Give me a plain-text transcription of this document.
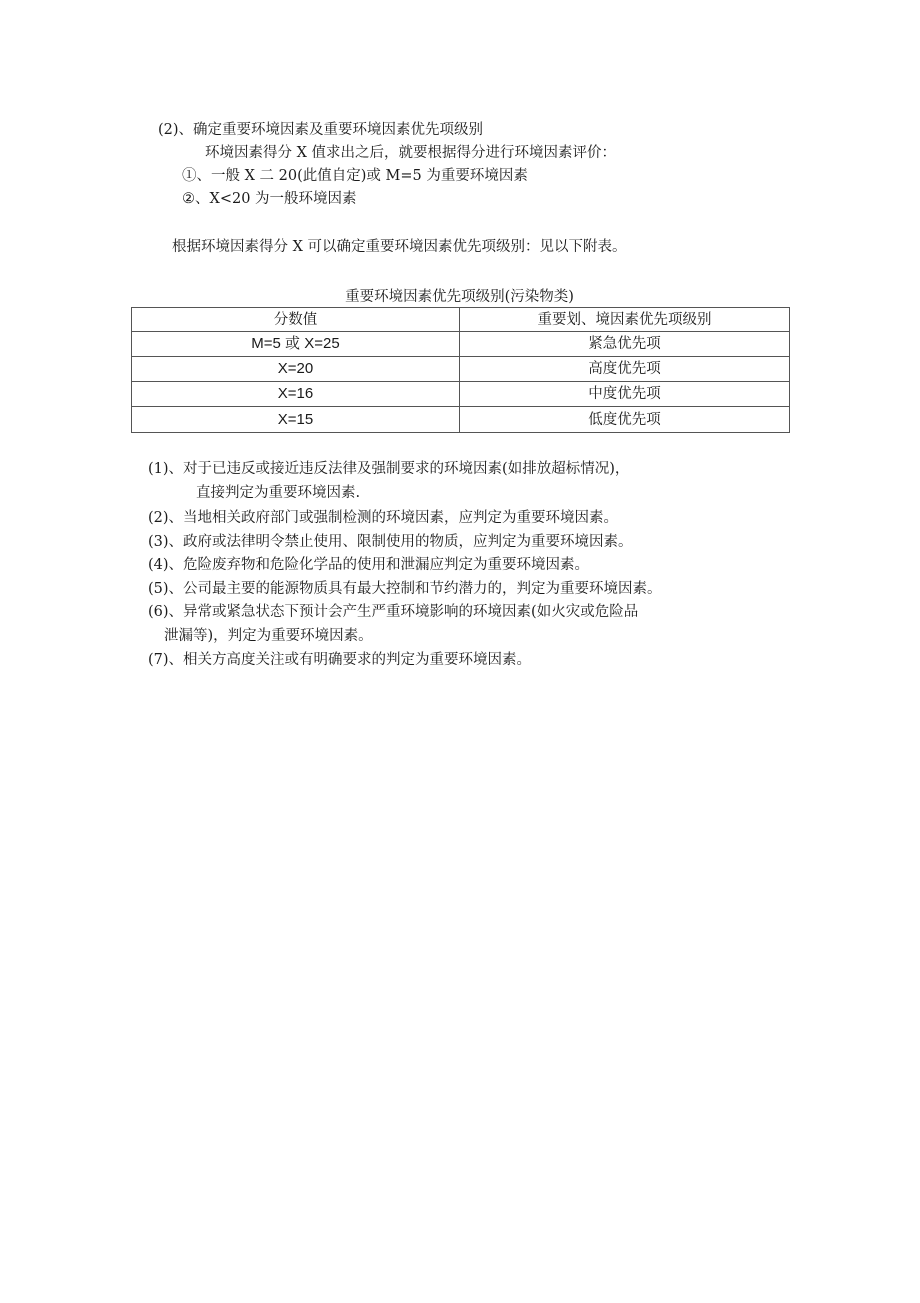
(2)、确定重要环境因素及重要环境因素优先项级别
环境因素得分 X 值求出之后，就要根据得分进行环境因素评价：
①、一般 X 二 20(此值自定)或 M=5 为重要环境因素
②、X<20 为一般环境因素
根据环境因素得分 X 可以确定重要环境因素优先项级别：见以下附表。
重要环境因素优先项级别(污染物类)
分数值	重要划、境因素优先项级别
M=5 或 X=25	紧急优先项
X=20	高度优先项
X=16	中度优先项
X=15	低度优先项
(1)、对于已违反或接近违反法律及强制要求的环境因素(如排放超标情况)，
直接判定为重要环境因素.
(2)、当地相关政府部门或强制检测的环境因素，应判定为重要环境因素。
(3)、政府或法律明令禁止使用、限制使用的物质，应判定为重要环境因素。
(4)、危险废弃物和危险化学品的使用和泄漏应判定为重要环境因素。
(5)、公司最主要的能源物质具有最大控制和节约潜力的，判定为重要环境因素。
(6)、异常或紧急状态下预计会产生严重环境影响的环境因素(如火灾或危险品
泄漏等)，判定为重要环境因素。
(7)、相关方高度关注或有明确要求的判定为重要环境因素。
